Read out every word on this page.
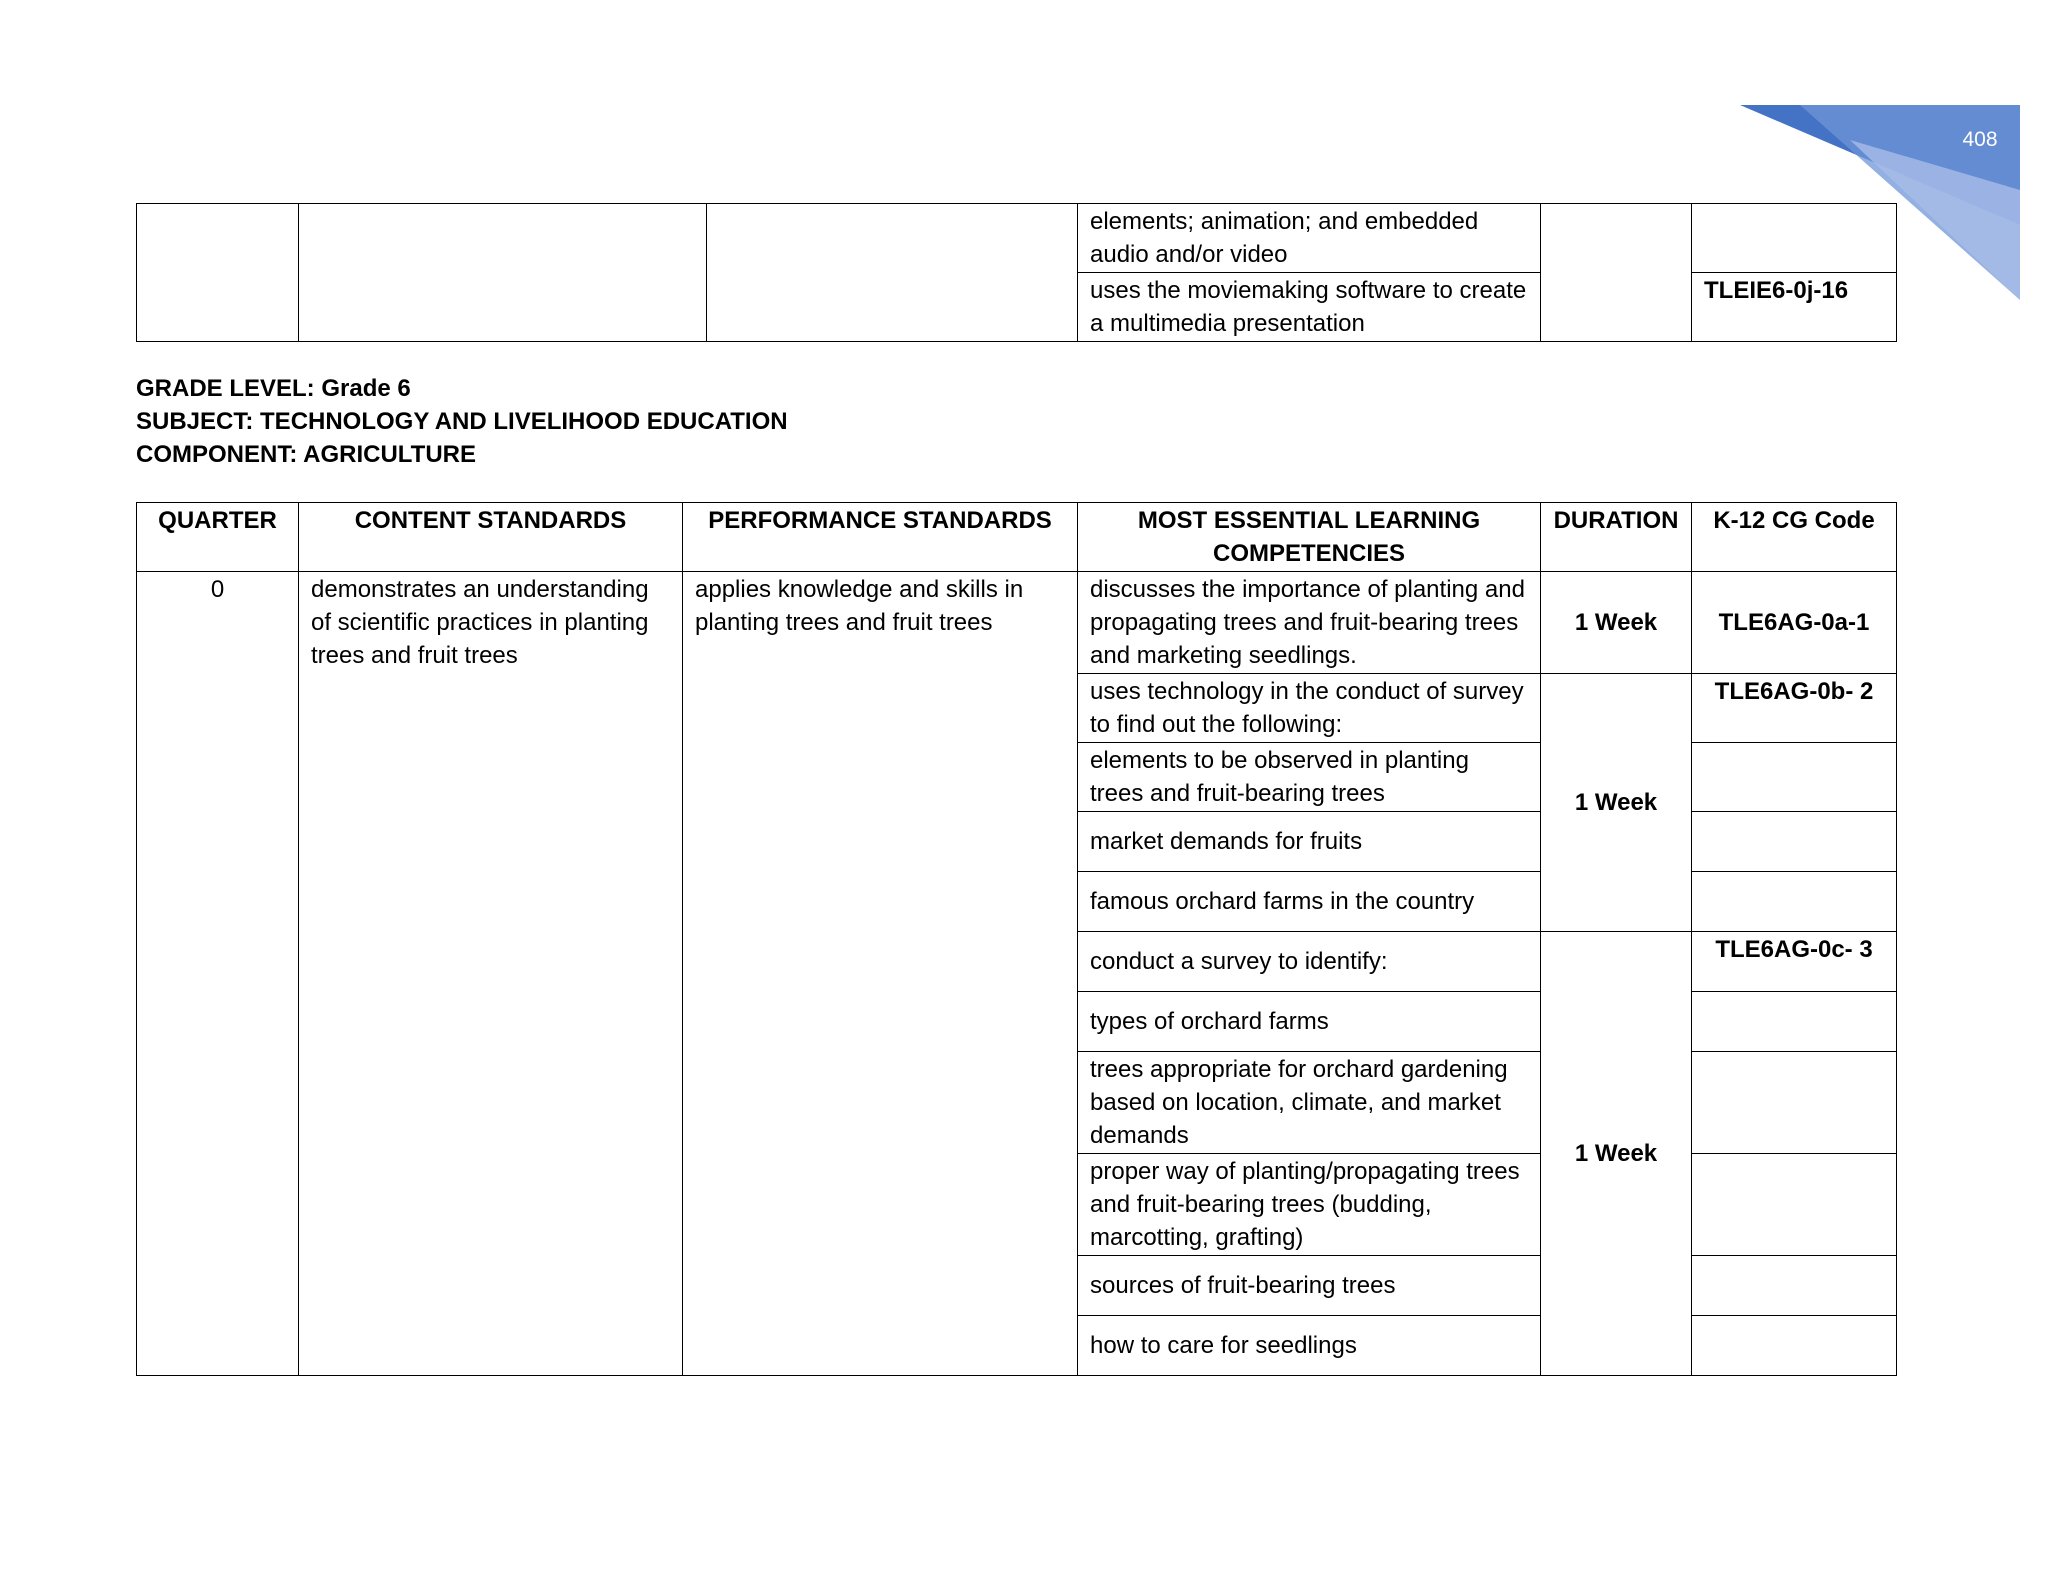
408
			elements; animation; and embedded audio and/or video		
			uses the moviemaking software to create a multimedia presentation		TLEIE6-0j-16
GRADE LEVEL: Grade 6
SUBJECT: TECHNOLOGY AND LIVELIHOOD EDUCATION
COMPONENT: AGRICULTURE
QUARTER	CONTENT STANDARDS	PERFORMANCE STANDARDS	MOST ESSENTIAL LEARNING COMPETENCIES	DURATION	K-12 CG Code
0	demonstrates an understanding of scientific practices in planting trees and fruit trees	applies knowledge and skills in planting trees and fruit trees	discusses the importance of planting and propagating trees and fruit-bearing trees and marketing seedlings.	1 Week	TLE6AG-0a-1
			uses technology in the conduct of survey to find out the following:	1 Week	TLE6AG-0b- 2
			elements to be observed in planting trees and fruit-bearing trees		
			market demands for fruits		
			famous orchard farms in the country		
			conduct a survey to identify:	1 Week	TLE6AG-0c- 3
			types of orchard farms		
			trees appropriate for orchard gardening based on location, climate, and market demands		
			proper way of planting/propagating trees and fruit-bearing trees (budding, marcotting, grafting)		
			sources of fruit-bearing trees		
			how to care for seedlings		
